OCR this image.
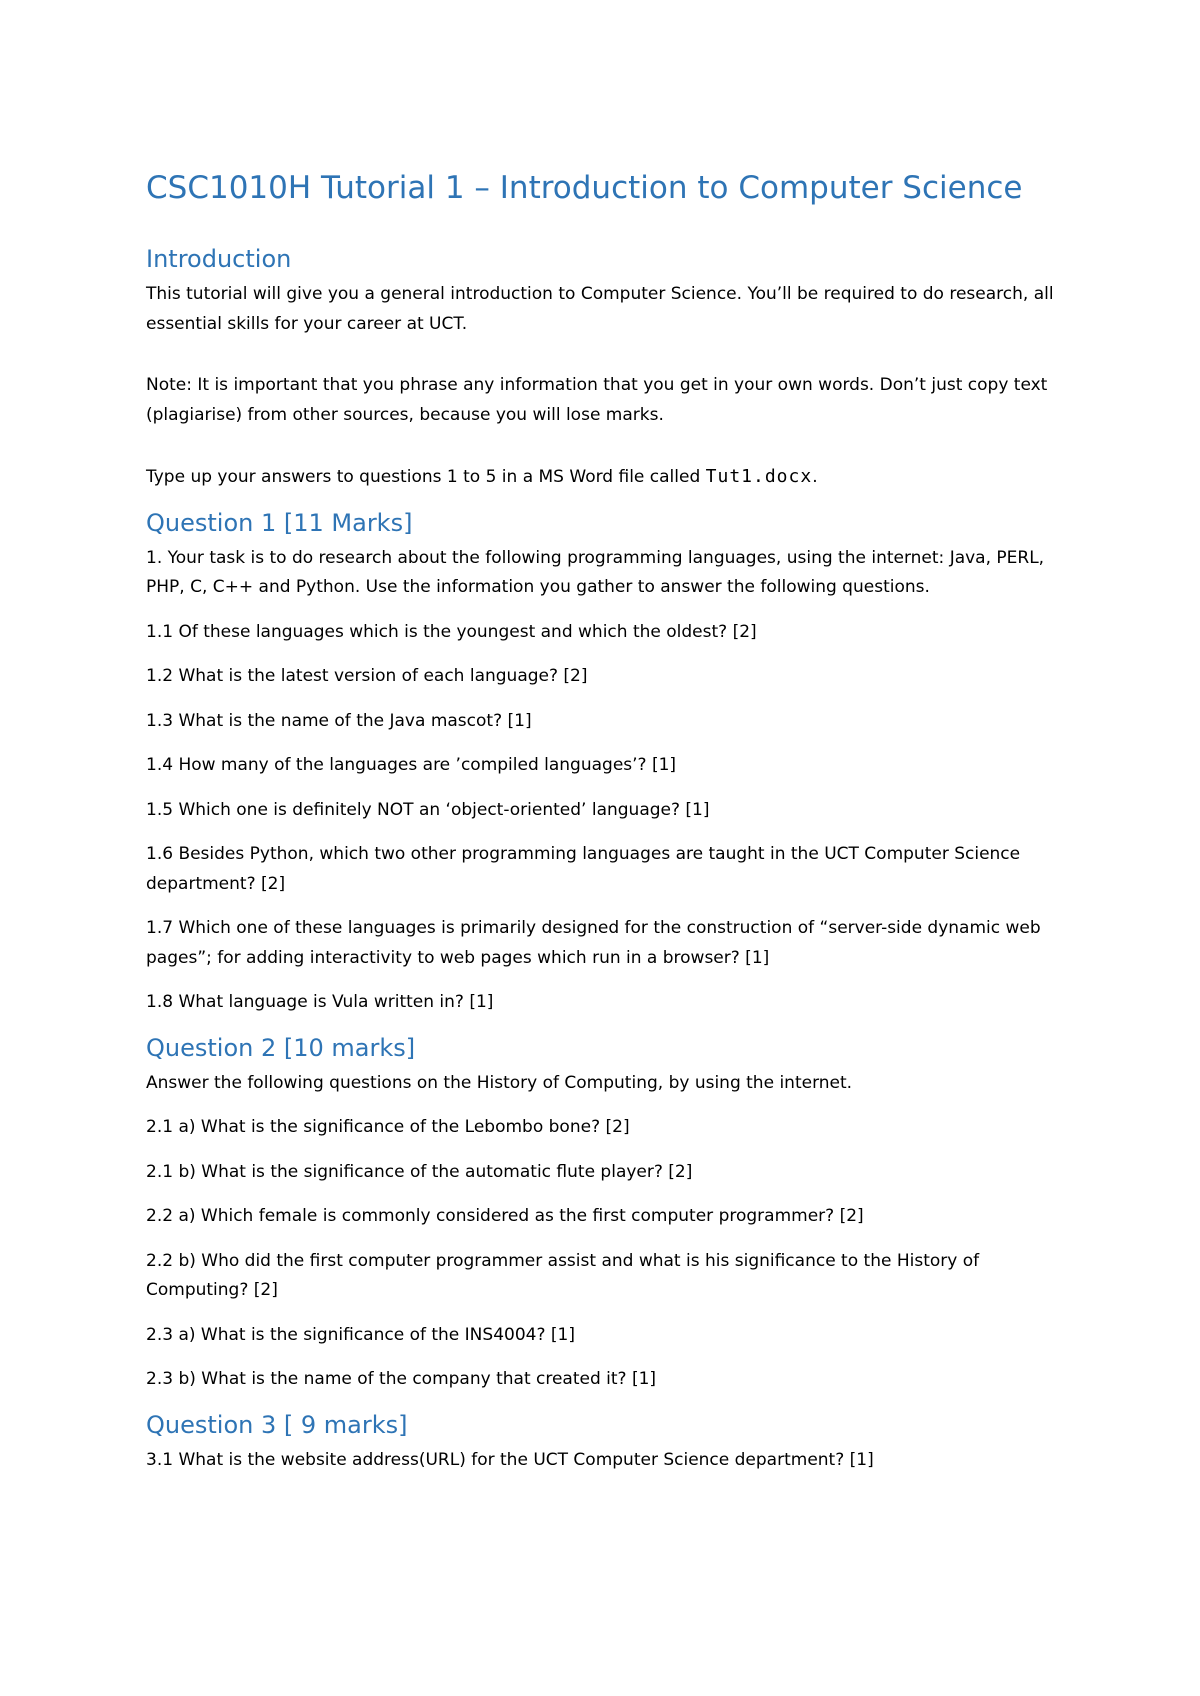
CSC1010H Tutorial 1 – Introduction to Computer Science
Introduction

This tutorial will give you a general introduction to Computer Science. You’ll be required to do research, all essential skills for your career at UCT.

Note: It is important that you phrase any information that you get in your own words. Don’t just copy text (plagiarise) from other sources, because you will lose marks.

Type up your answers to questions 1 to 5 in a MS Word file called Tut1.docx.

Question 1 [11 Marks]

1. Your task is to do research about the following programming languages, using the internet: Java, PERL, PHP, C, C++ and Python. Use the information you gather to answer the following questions.

1.1 Of these languages which is the youngest and which the oldest? [2]

1.2 What is the latest version of each language? [2]

1.3 What is the name of the Java mascot? [1]

1.4 How many of the languages are ’compiled languages’? [1]

1.5 Which one is definitely NOT an ‘object-oriented’ language? [1]

1.6 Besides Python, which two other programming languages are taught in the UCT Computer Science department? [2]

1.7 Which one of these languages is primarily designed for the construction of “server-side dynamic web pages”; for adding interactivity to web pages which run in a browser? [1]

1.8 What language is Vula written in? [1]

Question 2 [10 marks]

Answer the following questions on the History of Computing, by using the internet.

2.1 a) What is the significance of the Lebombo bone? [2]

2.1 b) What is the significance of the automatic flute player? [2]

2.2 a) Which female is commonly considered as the first computer programmer? [2]

2.2 b) Who did the first computer programmer assist and what is his significance to the History of Computing? [2]

2.3 a) What is the significance of the INS4004? [1]

2.3 b) What is the name of the company that created it? [1]

Question 3 [ 9 marks]

3.1 What is the website address(URL) for the UCT Computer Science department? [1]
